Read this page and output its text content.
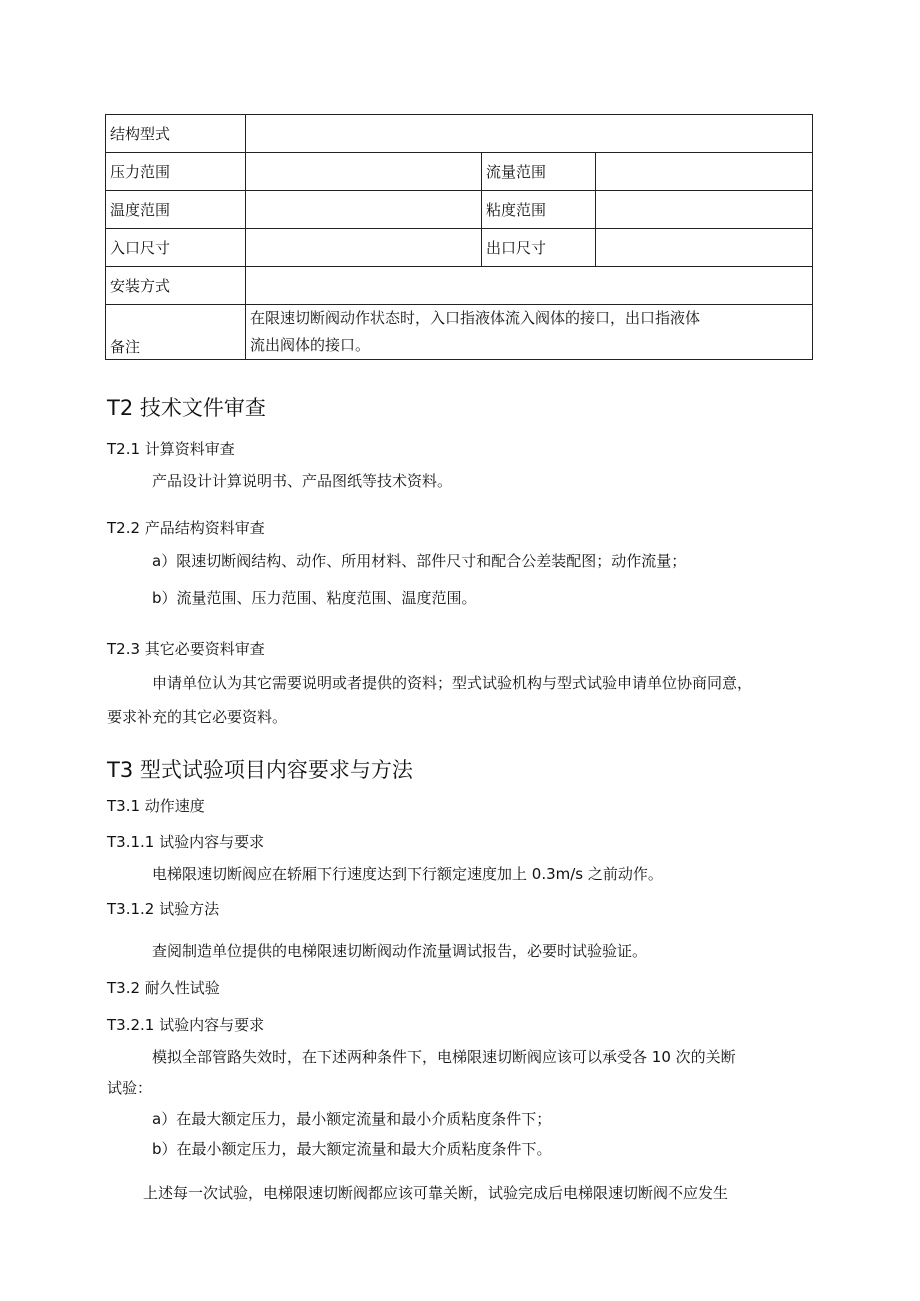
结构型式			
压力范围		流量范围	
温度范围		粘度范围	
入口尺寸		出口尺寸	
安装方式			
备注	在限速切断阀动作状态时，入口指液体流入阀体的接口，出口指液体
流出阀体的接口。		
T2 技术文件审查
T2.1 计算资料审查
产品设计计算说明书、产品图纸等技术资料。
T2.2 产品结构资料审查
a）限速切断阀结构、动作、所用材料、部件尺寸和配合公差装配图；动作流量；
b）流量范围、压力范围、粘度范围、温度范围。
T2.3 其它必要资料审查
申请单位认为其它需要说明或者提供的资料；型式试验机构与型式试验申请单位协商同意，
要求补充的其它必要资料。
T3 型式试验项目内容要求与方法
T3.1 动作速度
T3.1.1 试验内容与要求
电梯限速切断阀应在轿厢下行速度达到下行额定速度加上 0.3m/s 之前动作。
T3.1.2 试验方法
查阅制造单位提供的电梯限速切断阀动作流量调试报告，必要时试验验证。
T3.2 耐久性试验
T3.2.1 试验内容与要求
模拟全部管路失效时，在下述两种条件下，电梯限速切断阀应该可以承受各 10 次的关断
试验：
a）在最大额定压力，最小额定流量和最小介质粘度条件下；
b）在最小额定压力，最大额定流量和最大介质粘度条件下。
上述每一次试验，电梯限速切断阀都应该可靠关断，试验完成后电梯限速切断阀不应发生
